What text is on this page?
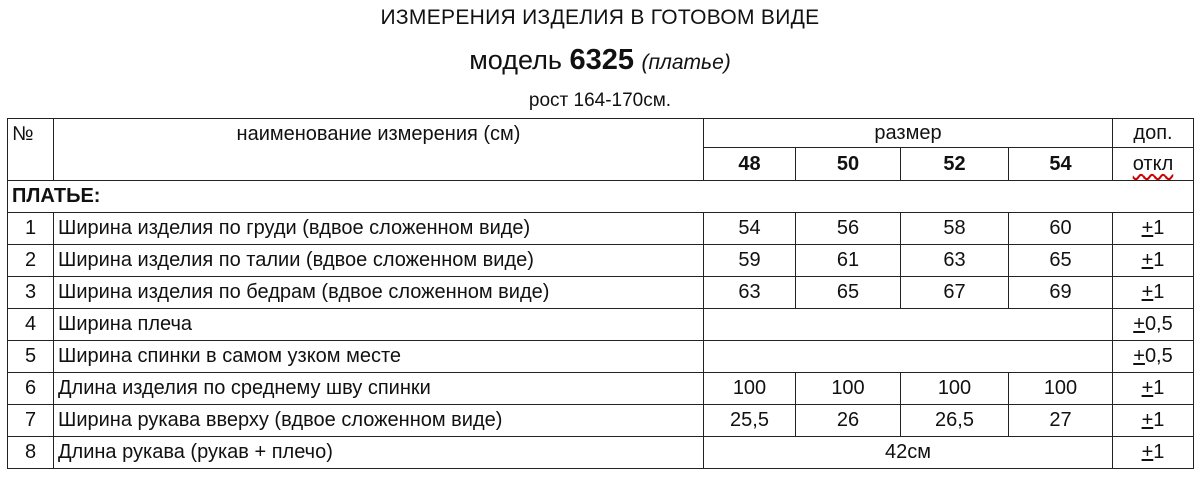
ИЗМЕРЕНИЯ ИЗДЕЛИЯ В ГОТОВОМ ВИДЕ
модель 6325 (платье)
рост 164-170см.
№	наименование измерения (см)	размер				доп.
		48	50	52	54	откл
ПЛАТЬЕ:						
1	Ширина изделия по груди (вдвое сложенном виде)	54	56	58	60	+1
2	Ширина изделия по талии (вдвое сложенном виде)	59	61	63	65	+1
3	Ширина изделия по бедрам (вдвое сложенном виде)	63	65	67	69	+1
4	Ширина плеча					+0,5
5	Ширина спинки в самом узком месте					+0,5
6	Длина изделия по среднему шву спинки	100	100	100	100	+1
7	Ширина рукава вверху (вдвое сложенном виде)	25,5	26	26,5	27	+1
8	Длина рукава (рукав + плечо)	42см				+1
